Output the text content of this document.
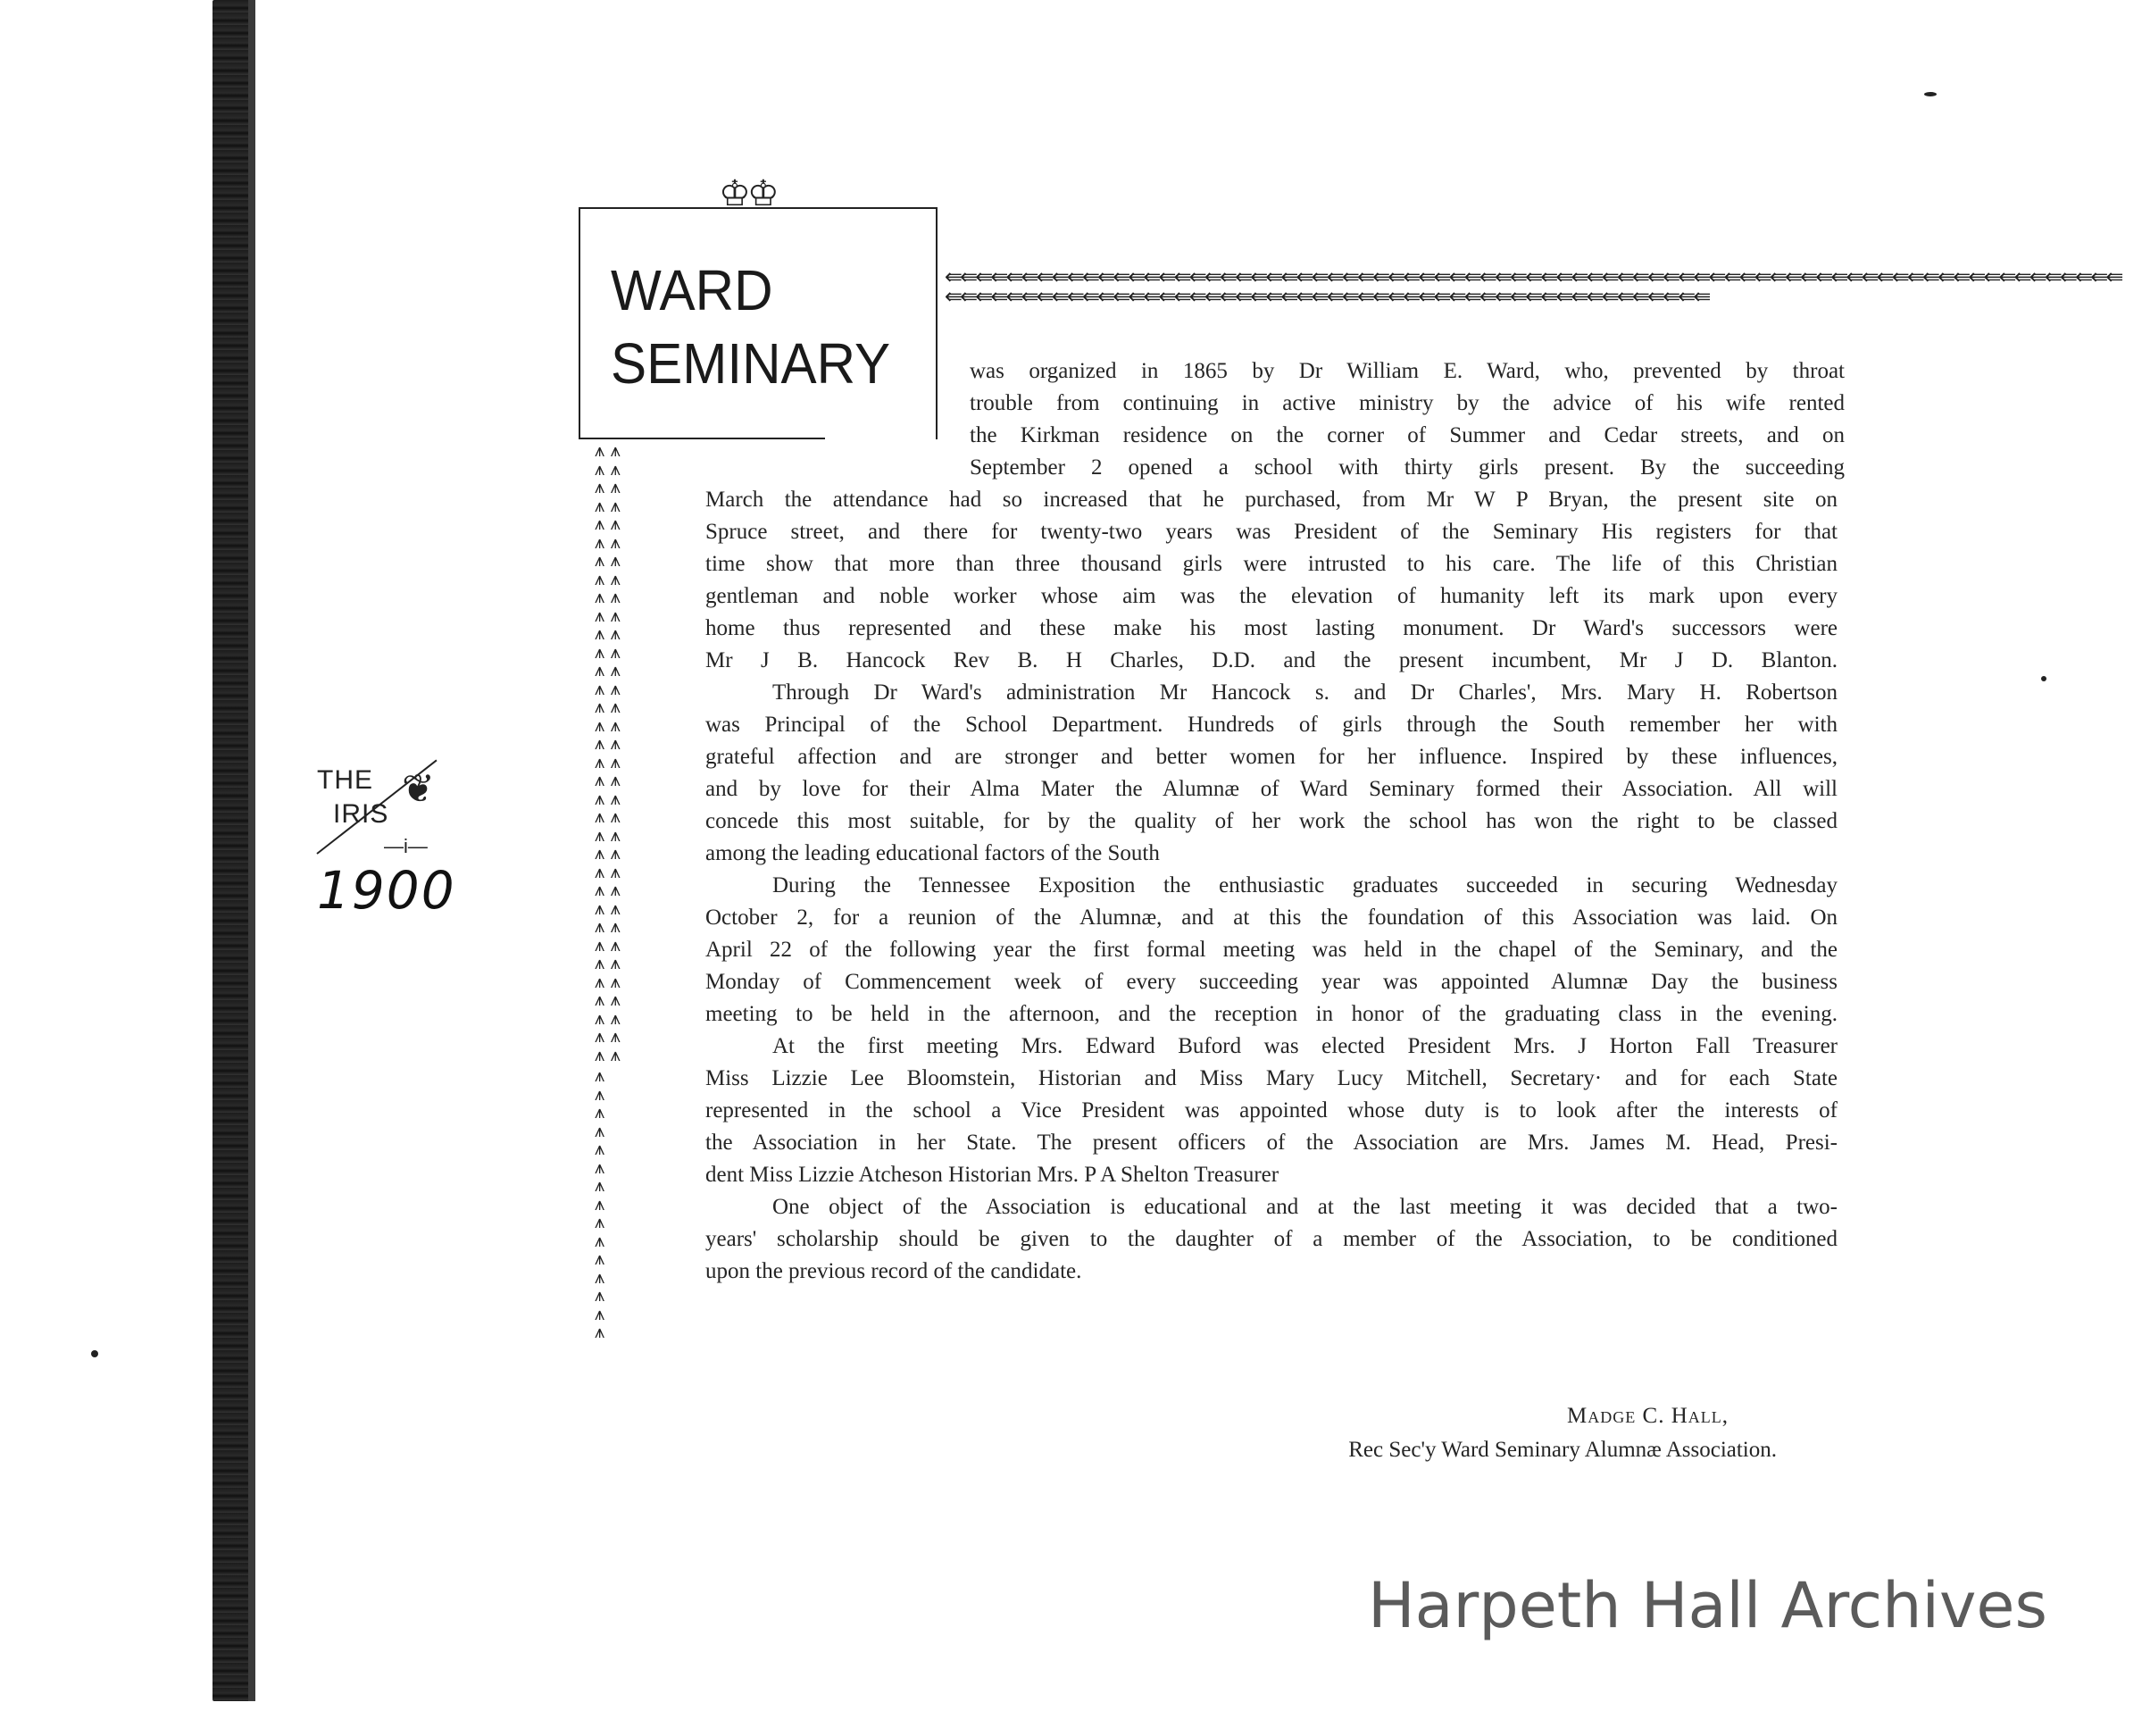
THE
IRIS
❦
—i—
1900
♔♔
WARD
SEMINARY
⇚⇚⇚⇚⇚⇚⇚⇚⇚⇚⇚⇚⇚⇚⇚⇚⇚⇚⇚⇚⇚⇚⇚⇚⇚⇚⇚⇚⇚⇚⇚⇚⇚⇚⇚⇚⇚⇚⇚⇚⇚⇚⇚⇚⇚⇚⇚⇚⇚⇚⇚⇚⇚⇚⇚⇚⇚⇚⇚⇚⇚⇚⇚⇚⇚⇚⇚⇚⇚⇚⇚⇚⇚⇚⇚⇚⇚
⇚⇚⇚⇚⇚⇚⇚⇚⇚⇚⇚⇚⇚⇚⇚⇚⇚⇚⇚⇚⇚⇚⇚⇚⇚⇚⇚⇚⇚⇚⇚⇚⇚⇚⇚⇚⇚⇚⇚⇚⇚⇚⇚⇚⇚⇚⇚⇚⇚⇚
⩚ ⩚
⩚ ⩚
⩚ ⩚
⩚ ⩚
⩚ ⩚
⩚ ⩚
⩚ ⩚
⩚ ⩚
⩚ ⩚
⩚ ⩚
⩚ ⩚
⩚ ⩚
⩚ ⩚
⩚ ⩚
⩚ ⩚
⩚ ⩚
⩚ ⩚
⩚ ⩚
⩚ ⩚
⩚ ⩚
⩚ ⩚
⩚ ⩚
⩚ ⩚
⩚ ⩚
⩚ ⩚
⩚ ⩚
⩚ ⩚
⩚ ⩚
⩚ ⩚
⩚ ⩚
⩚ ⩚
⩚ ⩚
⩚ ⩚
⩚ ⩚
⩚
⩚
⩚
⩚
⩚
⩚
⩚
⩚
⩚
⩚
⩚
⩚
⩚
⩚
⩚
was organized in 1865 by Dr William E. Ward, who, prevented by throat
trouble from continuing in active ministry by the advice of his wife rented
the Kirkman residence on the corner of Summer and Cedar streets, and on
September 2 opened a school with thirty girls present. By the succeeding
March the attendance had so increased that he purchased, from Mr W P Bryan, the present site on
Spruce street, and there for twenty-two years was President of the Seminary His registers for that
time show that more than three thousand girls were intrusted to his care. The life of this Christian
gentleman and noble worker whose aim was the elevation of humanity left its mark upon every
home thus represented and these make his most lasting monument. Dr Ward's successors were
Mr J B. Hancock Rev B. H Charles, D.D. and the present incumbent, Mr J D. Blanton.
Through Dr Ward's administration Mr Hancock s. and Dr Charles', Mrs. Mary H. Robertson
was Principal of the School Department. Hundreds of girls through the South remember her with
grateful affection and are stronger and better women for her influence. Inspired by these influences,
and by love for their Alma Mater the Alumnæ of Ward Seminary formed their Association. All will
concede this most suitable, for by the quality of her work the school has won the right to be classed
among the leading educational factors of the South
During the Tennessee Exposition the enthusiastic graduates succeeded in securing Wednesday
October 2, for a reunion of the Alumnæ, and at this the foundation of this Association was laid. On
April 22 of the following year the first formal meeting was held in the chapel of the Seminary, and the
Monday of Commencement week of every succeeding year was appointed Alumnæ Day the business
meeting to be held in the afternoon, and the reception in honor of the graduating class in the evening.
At the first meeting Mrs. Edward Buford was elected President Mrs. J Horton Fall Treasurer
Miss Lizzie Lee Bloomstein, Historian and Miss Mary Lucy Mitchell, Secretary· and for each State
represented in the school a Vice President was appointed whose duty is to look after the interests of
the Association in her State. The present officers of the Association are Mrs. James M. Head, Presi-
dent Miss Lizzie Atcheson Historian Mrs. P A Shelton Treasurer
One object of the Association is educational and at the last meeting it was decided that a two-
years' scholarship should be given to the daughter of a member of the Association, to be conditioned
upon the previous record of the candidate.
Madge C. Hall,
Rec Sec'y Ward Seminary Alumnæ Association.
Harpeth Hall Archives
